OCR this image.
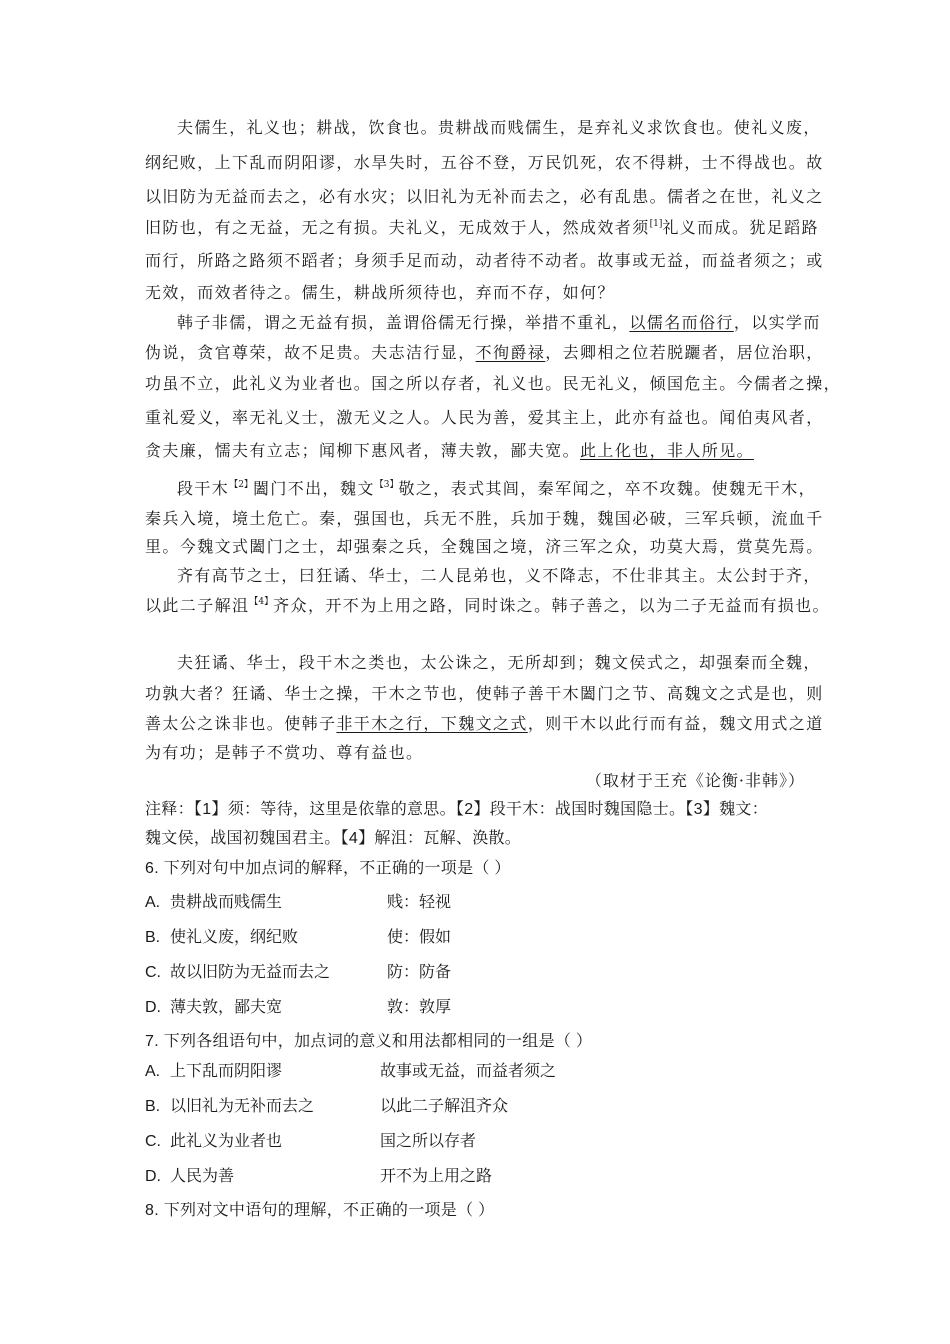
夫儒生，礼义也；耕战，饮食也。贵耕战而贱儒生，是弃礼义求饮食也。使礼义废，
纲纪败，上下乱而阴阳谬，水旱失时，五谷不登，万民饥死，农不得耕，士不得战也。故
以旧防为无益而去之，必有水灾；以旧礼为无补而去之，必有乱患。儒者之在世，礼义之
旧防也，有之无益，无之有损。夫礼义，无成效于人，然成效者须[1]礼义而成。犹足蹈路
而行，所路之路须不蹈者；身须手足而动，动者待不动者。故事或无益，而益者须之；或
无效，而效者待之。儒生，耕战所须待也，弃而不存，如何？
韩子非儒，谓之无益有损，盖谓俗儒无行操，举措不重礼，以儒名而俗行，以实学而
伪说，贪官尊荣，故不足贵。夫志洁行显，不徇爵禄，去卿相之位若脱躧者，居位治职，
功虽不立，此礼义为业者也。国之所以存者，礼义也。民无礼义，倾国危主。今儒者之操，
重礼爱义，率无礼义士，激无义之人。人民为善，爱其主上，此亦有益也。闻伯夷风者，
贪夫廉，懦夫有立志；闻柳下惠风者，薄夫敦，鄙夫宽。此上化也，非人所见。
段干木$^{【2】}$闔门不出，魏文$^{【3】}$敬之，表式其闾，秦军闻之，卒不攻魏。使魏无干木，
秦兵入境，境土危亡。秦，强国也，兵无不胜，兵加于魏，魏国必破，三军兵顿，流血千
里。今魏文式闔门之士，却强秦之兵，全魏国之境，济三军之众，功莫大焉，赏莫先焉。
齐有高节之士，曰狂谲、华士，二人昆弟也，义不降志，不仕非其主。太公封于齐，
以此二子解沮$^{【4】}$齐众，开不为上用之路，同时诛之。韩子善之，以为二子无益而有损也。
夫狂谲、华士，段干木之类也，太公诛之，无所却到；魏文侯式之，却强秦而全魏，
功孰大者？狂谲、华士之操，干木之节也，使韩子善干木闔门之节、高魏文之式是也，则
善太公之诛非也。使韩子非干木之行，下魏文之式，则干木以此行而有益，魏文用式之道
为有功；是韩子不赏功、尊有益也。
（取材于王充《论衡·非韩》）
注释：【1】须：等待，这里是依靠的意思。【2】段干木：战国时魏国隐士。【3】魏文：
魏文侯，战国初魏国君主。【4】解沮：瓦解、涣散。
6. 下列对句中加点词的解释，不正确的一项是（ ）
A. 贵耕战而贱儒生	贱：轻视
B. 使礼义废，纲纪败	使：假如
C. 故以旧防为无益而去之	防：防备
D. 薄夫敦，鄙夫宽	敦：敦厚
7. 下列各组语句中，加点词的意义和用法都相同的一组是（ ）
A. 上下乱而阴阳谬	故事或无益，而益者须之
B. 以旧礼为无补而去之	以此二子解沮齐众
C. 此礼义为业者也	国之所以存者
D. 人民为善	开不为上用之路
8. 下列对文中语句的理解，不正确的一项是（ ）
